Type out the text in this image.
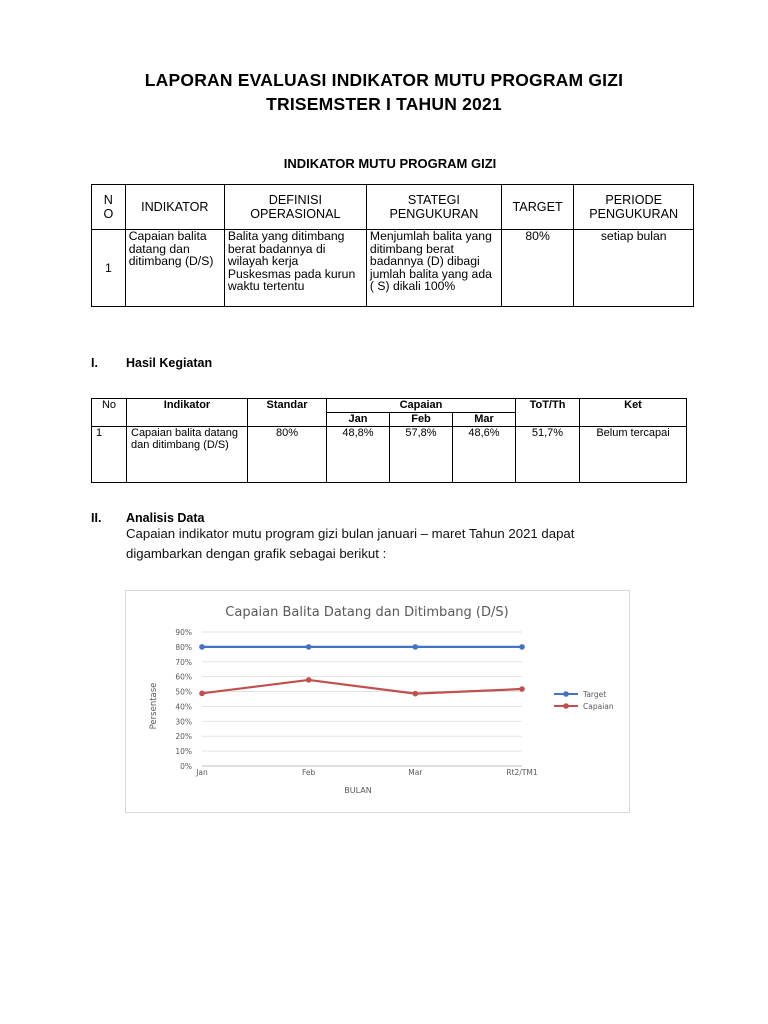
LAPORAN EVALUASI INDIKATOR MUTU PROGRAM GIZI
TRISEMSTER I TAHUN 2021
INDIKATOR MUTU PROGRAM GIZI
N
O	INDIKATOR	DEFINISI OPERASIONAL	STATEGI PENGUKURAN	TARGET	PERIODE PENGUKURAN
1	Capaian balita datang dan ditimbang (D/S)	Balita yang ditimbang berat badannya di wilayah kerja Puskesmas pada kurun waktu tertentu	Menjumlah balita yang ditimbang berat badannya (D) dibagi jumlah balita yang ada ( S) dikali 100%	80%	setiap bulan
I. Hasil Kegiatan
No	Indikator	Standar	Capaian			ToT/Th	Ket
			Jan	Feb	Mar		
1	Capaian balita datang dan ditimbang (D/S)	80%	48,8%	57,8%	48,6%	51,7%	Belum tercapai
II. Analisis Data
Capaian indikator mutu program gizi bulan januari – maret Tahun 2021 dapat
digambarkan dengan grafik sebagai berikut :
Capaian Balita Datang dan Ditimbang (D/S)
Persentase
BULAN
0%
10%
20%
30%
40%
50%
60%
70%
80%
90%
Jan	Feb	Mar	Rt2/TM1
Target
Capaian
